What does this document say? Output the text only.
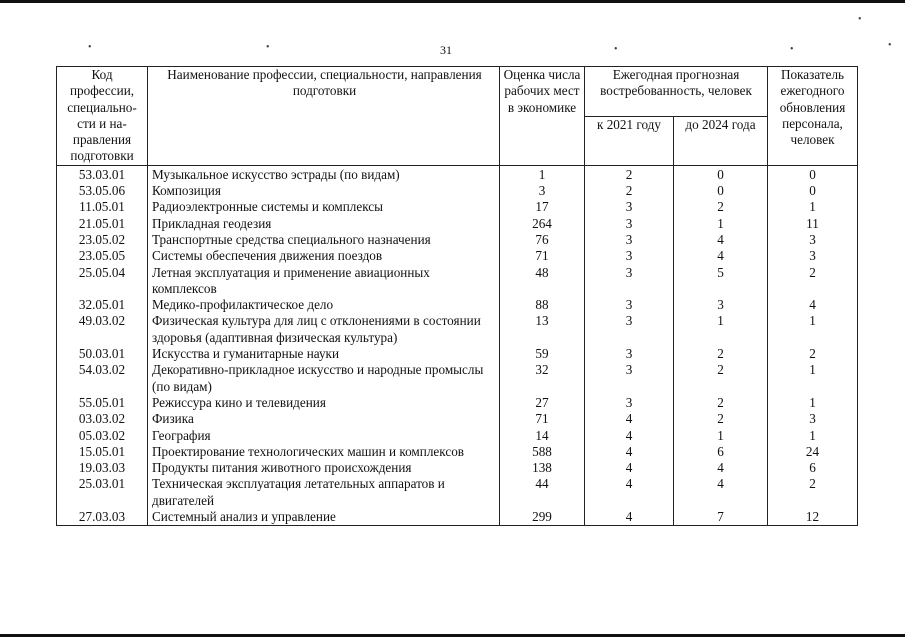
•	•	•	•
•
•
31
Код профессии, специально-сти и на-правления подготовки	Наименование профессии, специальности, направления подготовки	Оценка числа рабочих мест в экономике	Ежегодная прогнозная востребованность, человек		Показатель ежегодного обновления персонала, человек
			к 2021 году	до 2024 года	
53.03.01	Музыкальное искусство эстрады (по видам)	1	2	0	0
53.05.06	Композиция	3	2	0	0
11.05.01	Радиоэлектронные системы и комплексы	17	3	2	1
21.05.01	Прикладная геодезия	264	3	1	11
23.05.02	Транспортные средства специального назначения	76	3	4	3
23.05.05	Системы обеспечения движения поездов	71	3	4	3
25.05.04	Летная эксплуатация и применение авиационных комплексов	48	3	5	2
32.05.01	Медико-профилактическое дело	88	3	3	4
49.03.02	Физическая культура для лиц с отклонениями в состоянии здоровья (адаптивная физическая культура)	13	3	1	1
50.03.01	Искусства и гуманитарные науки	59	3	2	2
54.03.02	Декоративно-прикладное искусство и народные промыслы (по видам)	32	3	2	1
55.05.01	Режиссура кино и телевидения	27	3	2	1
03.03.02	Физика	71	4	2	3
05.03.02	География	14	4	1	1
15.05.01	Проектирование технологических машин и комплексов	588	4	6	24
19.03.03	Продукты питания животного происхождения	138	4	4	6
25.03.01	Техническая эксплуатация летательных аппаратов и двигателей	44	4	4	2
27.03.03	Системный анализ и управление	299	4	7	12
